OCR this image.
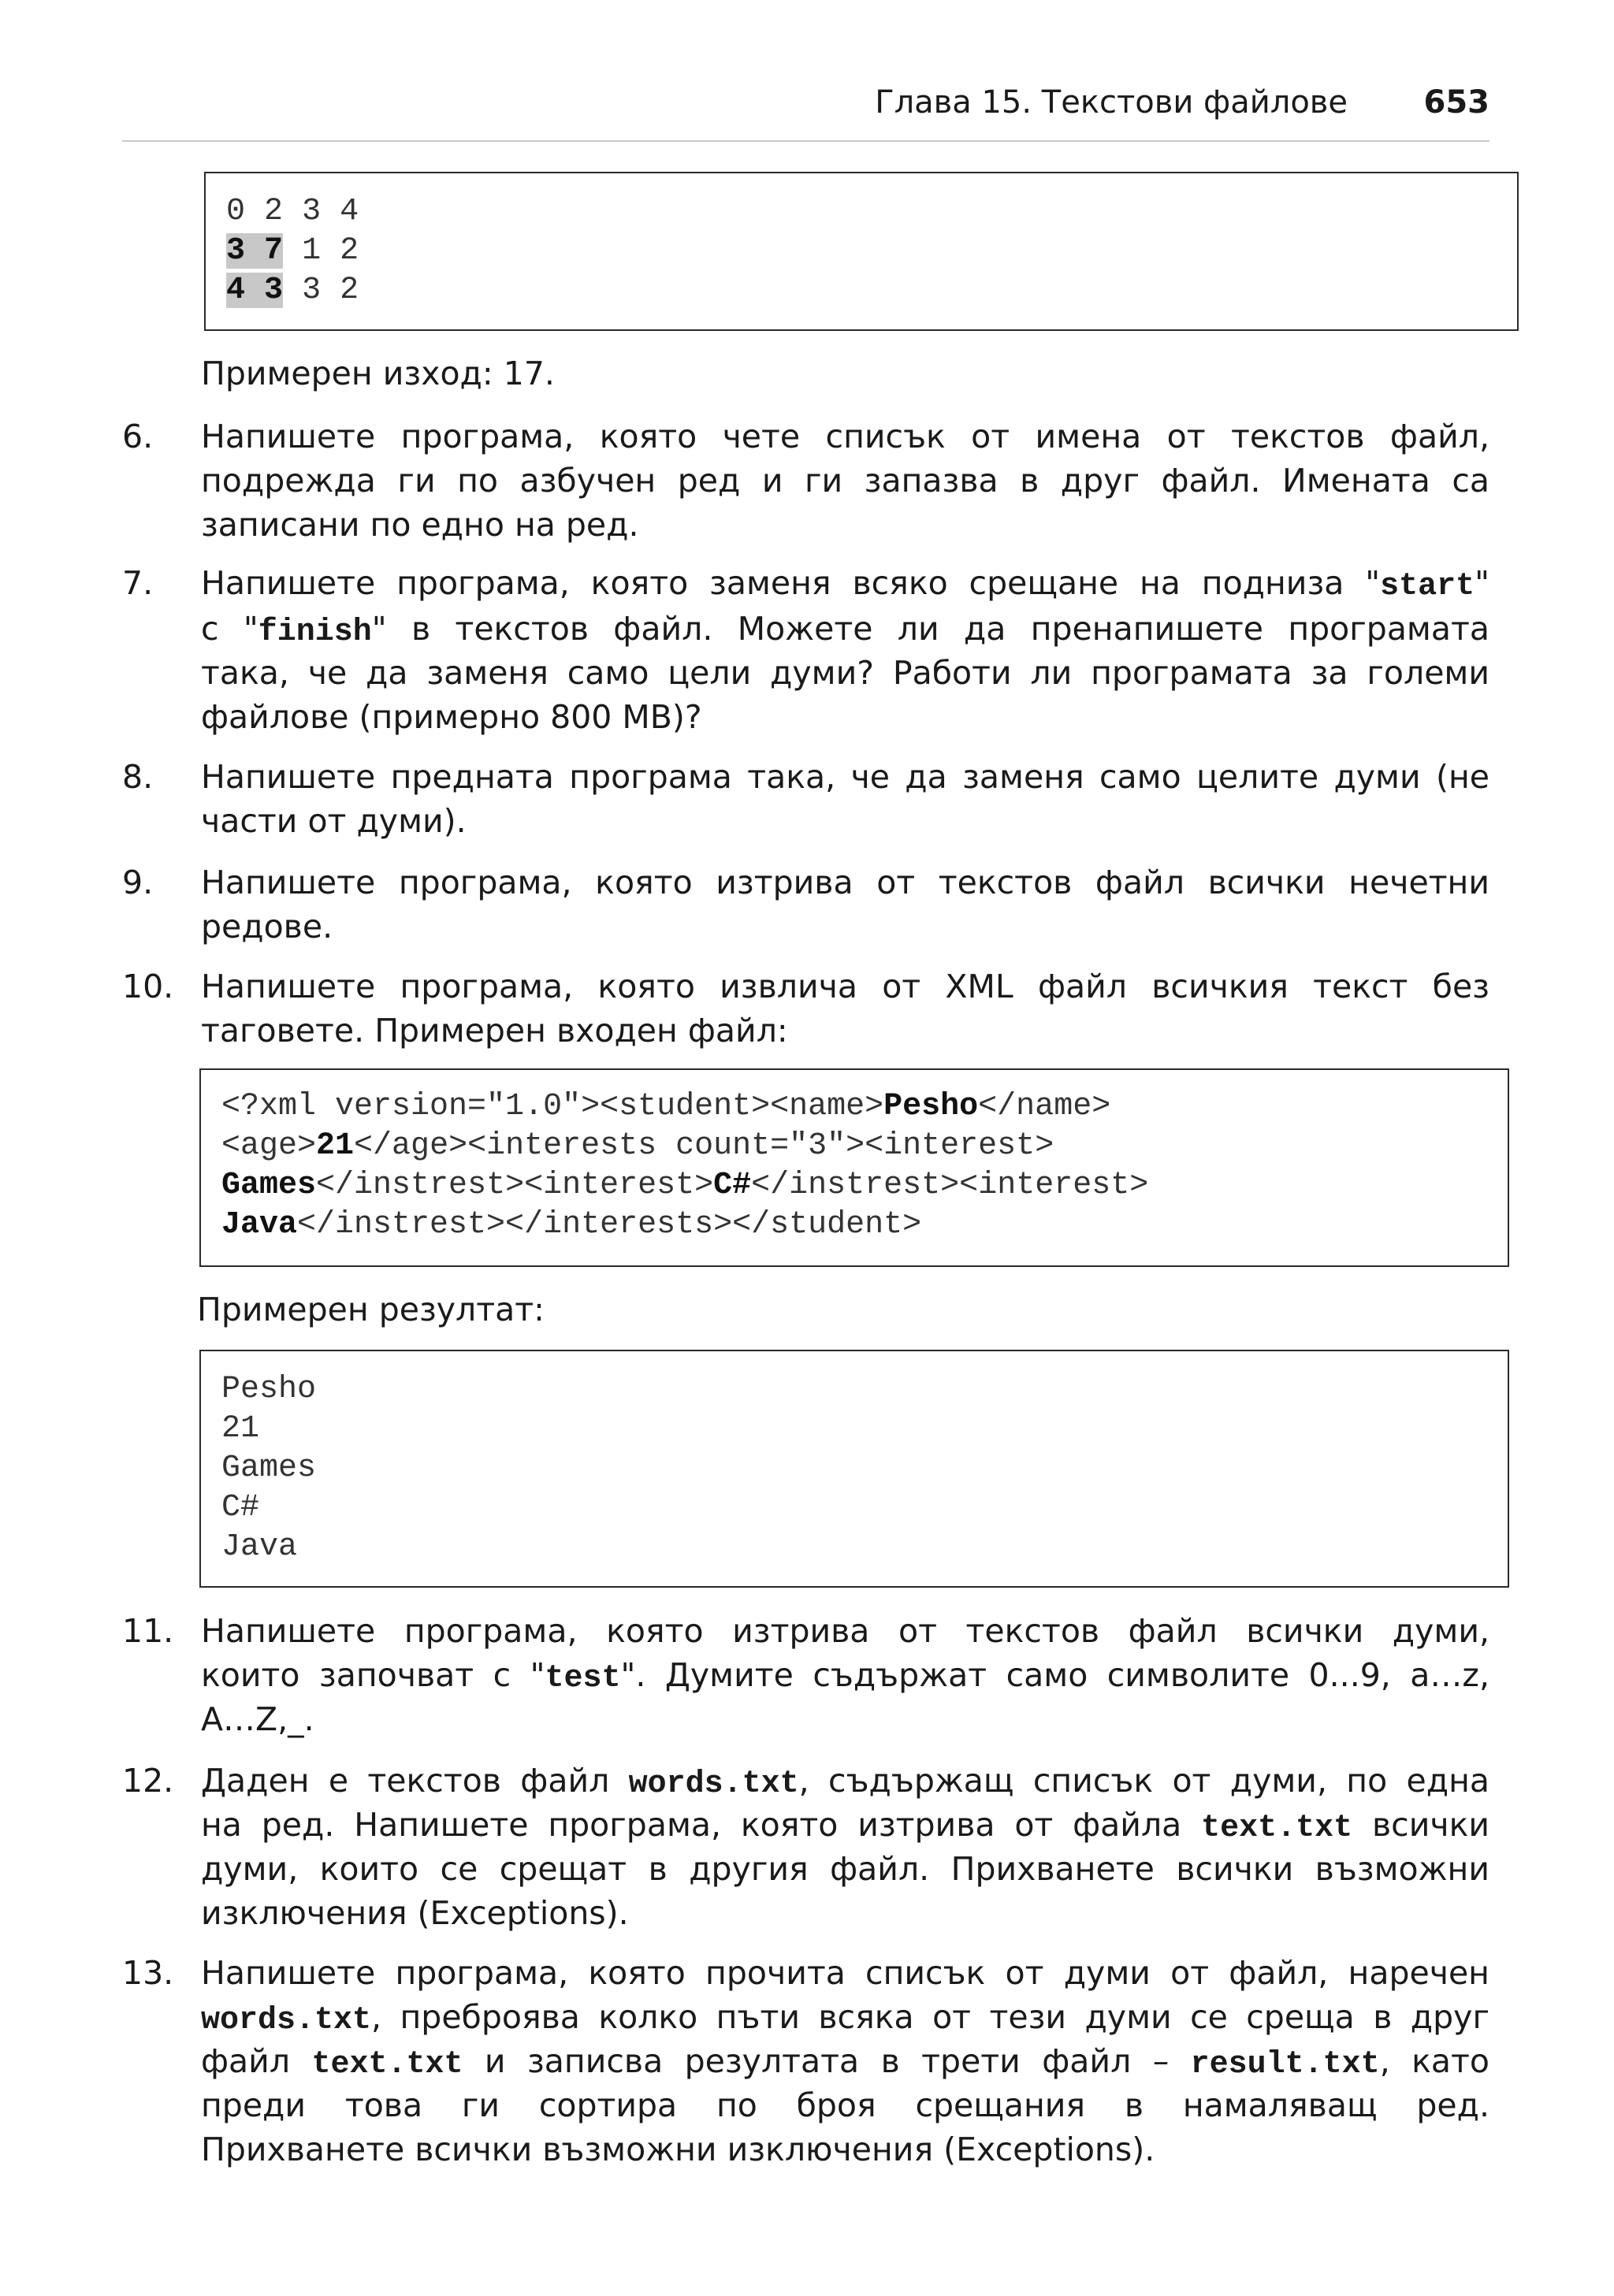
Глава 15. Текстови файлове 653
0 2 3 4
3 7 1 2
4 3 3 2
Примерен изход: 17.
6. Напишете програма, която чете списък от имена от текстов файл,
подрежда ги по азбучен ред и ги запазва в друг файл. Имената са
записани по едно на ред.
7. Напишете програма, която заменя всяко срещане на подниза "start"
с "finish" в текстов файл. Можете ли да пренапишете програмата
така, че да заменя само цели думи? Работи ли програмата за големи
файлове (примерно 800 MB)?
8. Напишете предната програма така, че да заменя само целите думи (не
части от думи).
9. Напишете програма, която изтрива от текстов файл всички нечетни
редове.
10. Напишете програма, която извлича от XML файл всичкия текст без
таговете. Примерен входен файл:
<?xml version="1.0"><student><name>Pesho</name>
<age>21</age><interests count="3"><interest>
Games</instrest><interest>C#</instrest><interest>
Java</instrest></interests></student>
Примерен резултат:
Pesho
21
Games
C#
Java
11. Напишете програма, която изтрива от текстов файл всички думи,
които започват с "test". Думите съдържат само символите 0...9, a…z,
A…Z,_.
12. Даден е текстов файл words.txt, съдържащ списък от думи, по една
на ред. Напишете програма, която изтрива от файла text.txt всички
думи, които се срещат в другия файл. Прихванете всички възможни
изключения (Exceptions).
13. Напишете програма, която прочита списък от думи от файл, наречен
words.txt, преброява колко пъти всяка от тези думи се среща в друг
файл text.txt и записва резултата в трети файл – result.txt, като
преди това ги сортира по броя срещания в намаляващ ред.
Прихванете всички възможни изключения (Exceptions).
